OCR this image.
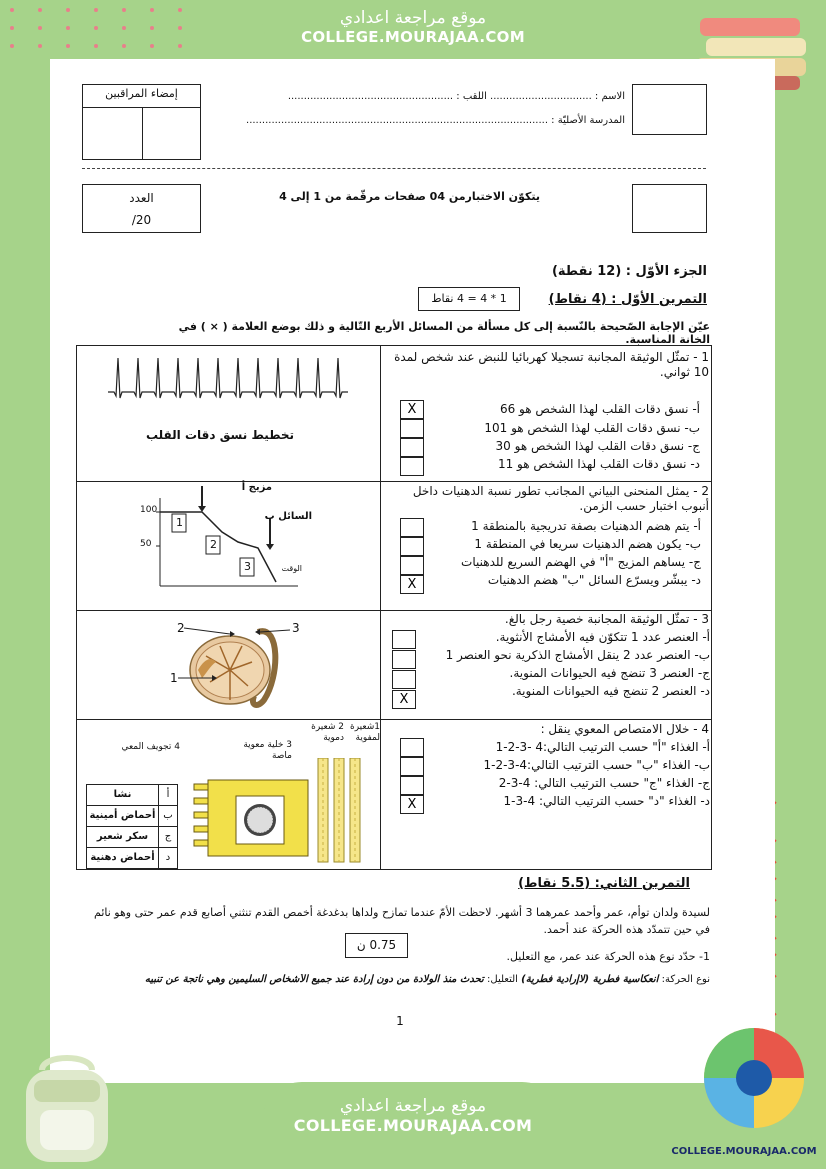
موقع مراجعة اعدادي
COLLEGE.MOURAJAA.COM
إمضاء المراقبين	الاسم : ................................ اللقب : ....................................................
المدرسة الأصليّة : ...............................................................................................
العدد
/20
يتكوّن الاختبارمن 04 صفحات مرقّمة من 1 إلى 4
الجزء الأوّل : (12 نقطة)
التمرين الأوّل : (4 نقاط)
1 * 4 = 4 نقاط
عيّن الإجابة الصّحيحة بالنّسبة إلى كل مسألة من المسائل الأربع التّالية و ذلك بوضع العلامة ( × ) في الخانة المناسبة.
1 - تمثّل الوثيقة المجانبة تسجيلا كهربائيا للنبض عند شخص لمدة 10 ثواني.
أ- نسق دقات القلب لهذا الشخص هو 66
ب- نسق دقات القلب لهذا الشخص هو 101
ج- نسق دقات القلب لهذا الشخص هو 30
د- نسق دقات القلب لهذا الشخص هو 11
X
تخطيط نسق دقات القلب
2 - يمثل المنحنى البياني المجانب تطور نسبة الدهنيات داخل أنبوب اختبار حسب الزمن.
أ- يتم هضم الدهنيات بصفة تدريجية بالمنطقة 1
ب- يكون هضم الدهنيات سريعا في المنطقة 1
ج- يساهم المزيج "أ" في الهضم السريع للدهنيات
د- يبشّر ويسرّع السائل "ب" هضم الدهنيات
X
100
50
1
2
3
مزيج أ
السائل ب
الوقت
3 - تمثّل الوثيقة المجانبة خصية رجل بالغ.
أ- العنصر عدد 1 تتكوّن فيه الأمشاج الأنثوية.
ب- العنصر عدد 2 ينقل الأمشاج الذكرية نحو العنصر 1
ج- العنصر 3 تنضج فيه الحيوانات المنوية.
د- العنصر 2 تنضج فيه الحيوانات المنوية.
X
2	3
1
4 - خلال الامتصاص المعوي ينقل :
أ- الغذاء "أ" حسب الترتيب التالي:4 -3-2-1
ب- الغذاء "ب" حسب الترتيب التالي:4-3-2-1
ج- الغذاء "ج" حسب الترتيب التالي: 4-3-2
د- الغذاء "د" حسب الترتيب التالي: 4-3-1
X
1شعيرة لمفوية
2 شعيرة دموية
3 خلية معوية ماصة
4 تجويف المعي
نشا	أ
أحماض أمينية ب
سكر شعير	ج
أحماض دهنية	د
التمرين الثاني: (5.5 نقاط)
لسيدة ولدان توأم، عمر وأحمد عمرهما 3 أشهر. لاحظت الأمّ عندما تمازح ولداها بدغدغة أخمص القدم تنثني أصابع قدم عمر حتى وهو نائم في حين تتمدّد هذه الحركة عند أحمد.
0.75 ن
1- حدّد نوع هذه الحركة عند عمر، مع التعليل.
نوع الحركة: انعكاسية فطرية (لاإرادية فطرية) التعليل: تحدث منذ الولادة من دون إرادة عند جميع الأشخاص السليمين وهي ناتجة عن تنبيه
1
موقع مراجعة اعدادي
COLLEGE.MOURAJAA.COM
COLLEGE.MOURAJAA.COM
